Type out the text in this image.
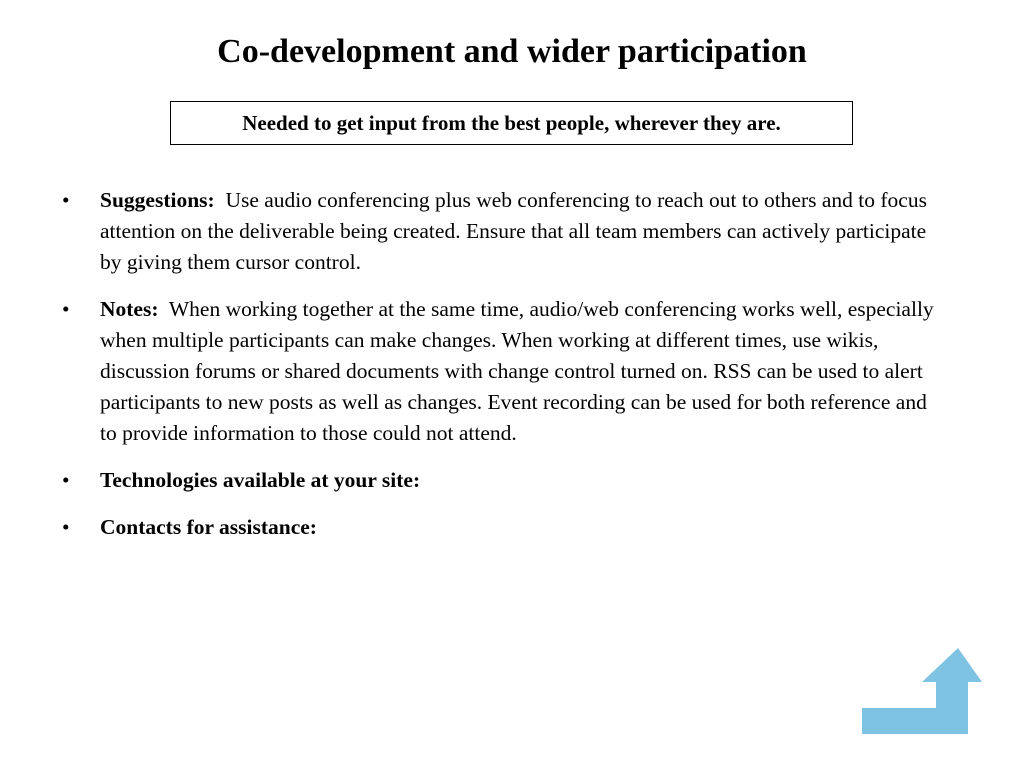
Co-development and wider participation
Needed to get input from the best people, wherever they are.
• Suggestions: Use audio conferencing plus web conferencing to reach out to others and to focus attention on the deliverable being created. Ensure that all team members can actively participate by giving them cursor control.
• Notes: When working together at the same time, audio/web conferencing works well, especially when multiple participants can make changes. When working at different times, use wikis, discussion forums or shared documents with change control turned on. RSS can be used to alert participants to new posts as well as changes. Event recording can be used for both reference and to provide information to those could not attend.
• Technologies available at your site:
• Contacts for assistance:
